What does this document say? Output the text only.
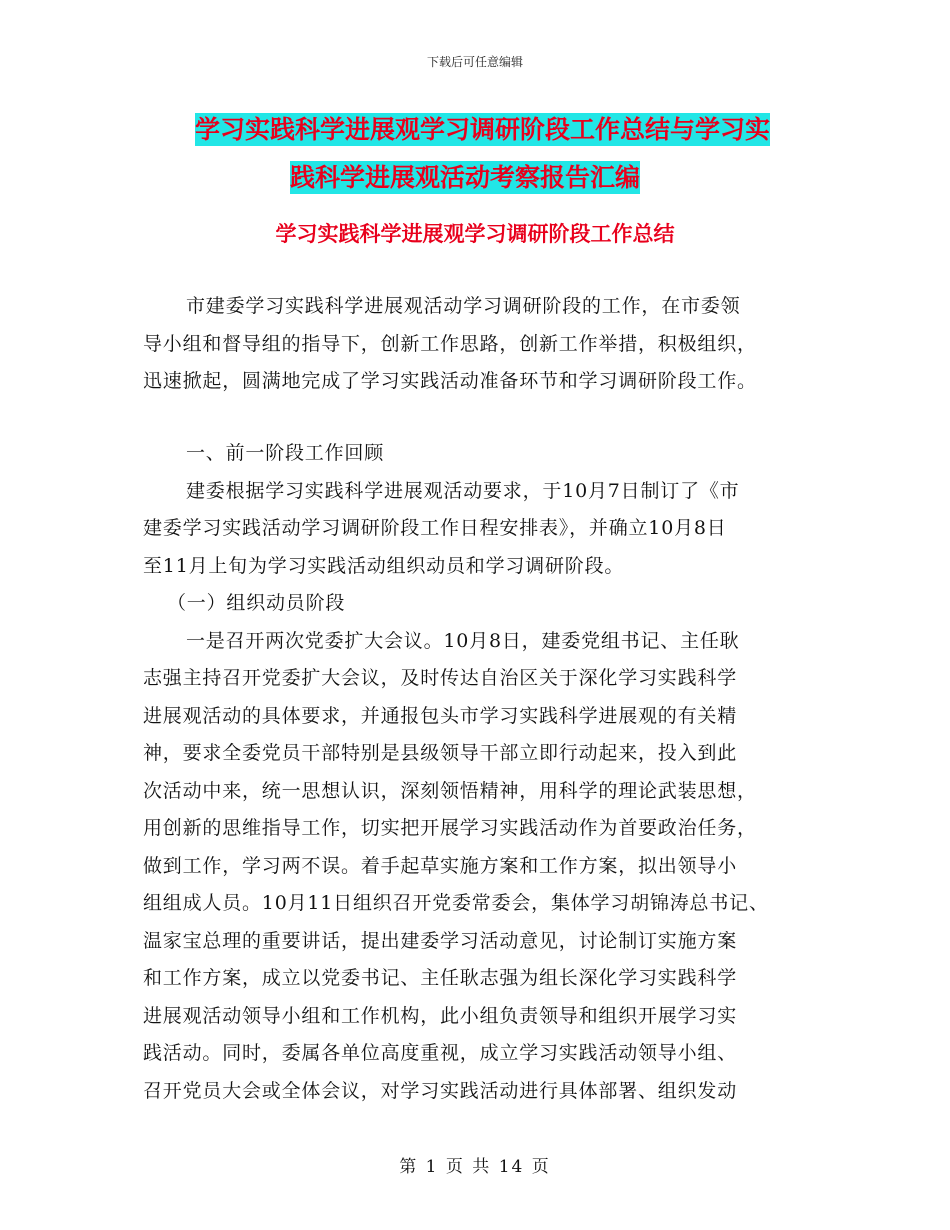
下载后可任意编辑
学习实践科学进展观学习调研阶段工作总结与学习实
践科学进展观活动考察报告汇编
学习实践科学进展观学习调研阶段工作总结
市建委学习实践科学进展观活动学习调研阶段的工作，在市委领
导小组和督导组的指导下，创新工作思路，创新工作举措，积极组织，
迅速掀起，圆满地完成了学习实践活动准备环节和学习调研阶段工作。
一、前一阶段工作回顾
建委根据学习实践科学进展观活动要求，于10月7日制订了《市
建委学习实践活动学习调研阶段工作日程安排表》，并确立10月8日
至11月上旬为学习实践活动组织动员和学习调研阶段。
（一）组织动员阶段
一是召开两次党委扩大会议。10月8日，建委党组书记、主任耿
志强主持召开党委扩大会议，及时传达自治区关于深化学习实践科学
进展观活动的具体要求，并通报包头市学习实践科学进展观的有关精
神，要求全委党员干部特别是县级领导干部立即行动起来，投入到此
次活动中来，统一思想认识，深刻领悟精神，用科学的理论武装思想，
用创新的思维指导工作，切实把开展学习实践活动作为首要政治任务，
做到工作，学习两不误。着手起草实施方案和工作方案，拟出领导小
组组成人员。10月11日组织召开党委常委会，集体学习胡锦涛总书记、
温家宝总理的重要讲话，提出建委学习活动意见，讨论制订实施方案
和工作方案，成立以党委书记、主任耿志强为组长深化学习实践科学
进展观活动领导小组和工作机构，此小组负责领导和组织开展学习实
践活动。同时，委属各单位高度重视，成立学习实践活动领导小组、
召开党员大会或全体会议，对学习实践活动进行具体部署、组织发动
第 1 页 共 14 页
